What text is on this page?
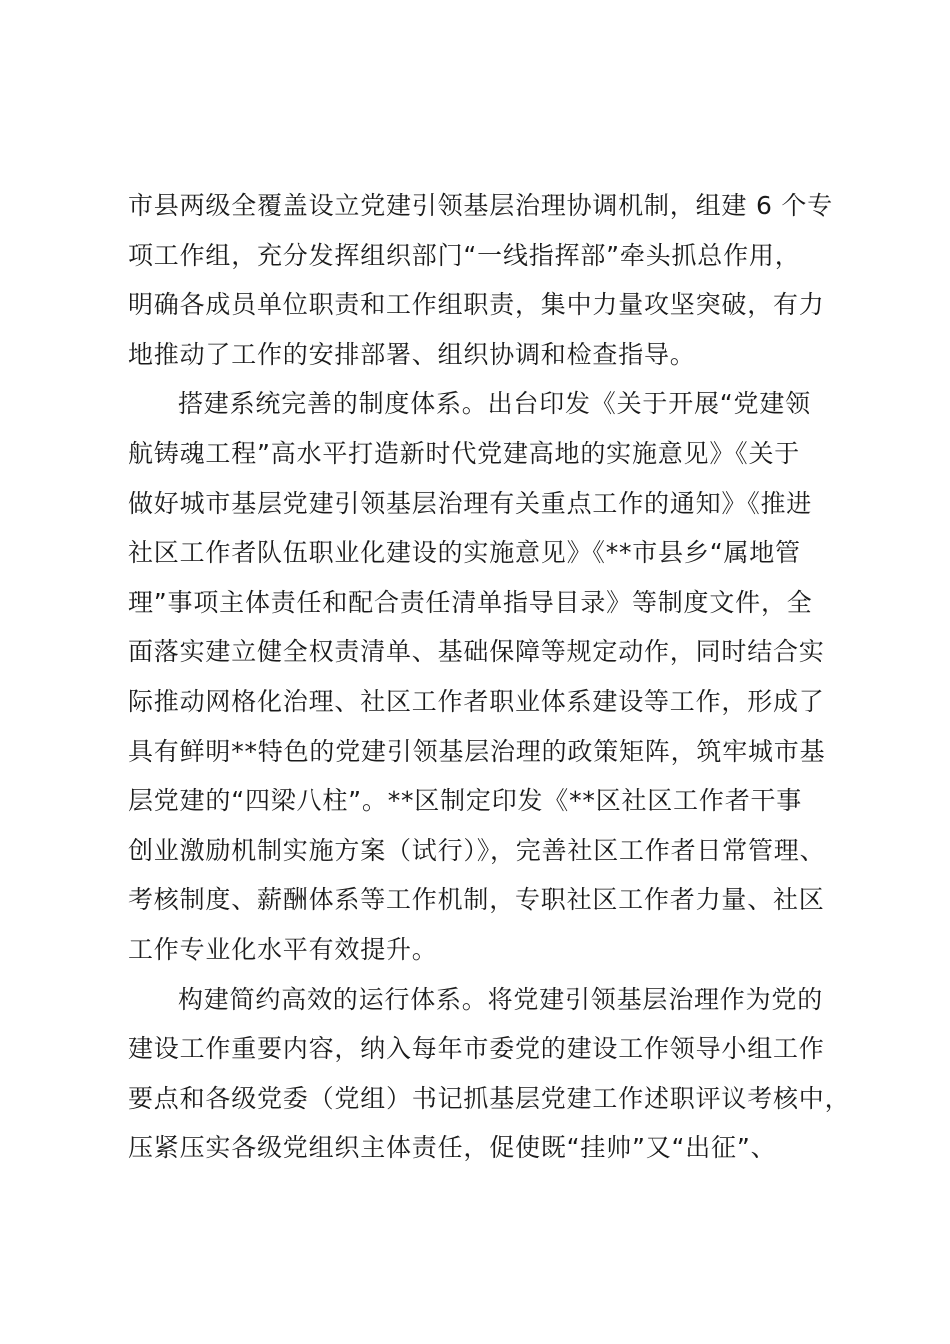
市县两级全覆盖设立党建引领基层治理协调机制，组建 6 个专
项工作组，充分发挥组织部门“一线指挥部”牵头抓总作用，
明确各成员单位职责和工作组职责，集中力量攻坚突破，有力
地推动了工作的安排部署、组织协调和检查指导。
搭建系统完善的制度体系。出台印发《关于开展“党建领
航铸魂工程”高水平打造新时代党建高地的实施意见》《关于
做好城市基层党建引领基层治理有关重点工作的通知》《推进
社区工作者队伍职业化建设的实施意见》《**市县乡“属地管
理”事项主体责任和配合责任清单指导目录》等制度文件，全
面落实建立健全权责清单、基础保障等规定动作，同时结合实
际推动网格化治理、社区工作者职业体系建设等工作，形成了
具有鲜明**特色的党建引领基层治理的政策矩阵，筑牢城市基
层党建的“四梁八柱”。**区制定印发《**区社区工作者干事
创业激励机制实施方案（试行）》，完善社区工作者日常管理、
考核制度、薪酬体系等工作机制，专职社区工作者力量、社区
工作专业化水平有效提升。
构建简约高效的运行体系。将党建引领基层治理作为党的
建设工作重要内容，纳入每年市委党的建设工作领导小组工作
要点和各级党委（党组）书记抓基层党建工作述职评议考核中，
压紧压实各级党组织主体责任，促使既“挂帅”又“出征”、
